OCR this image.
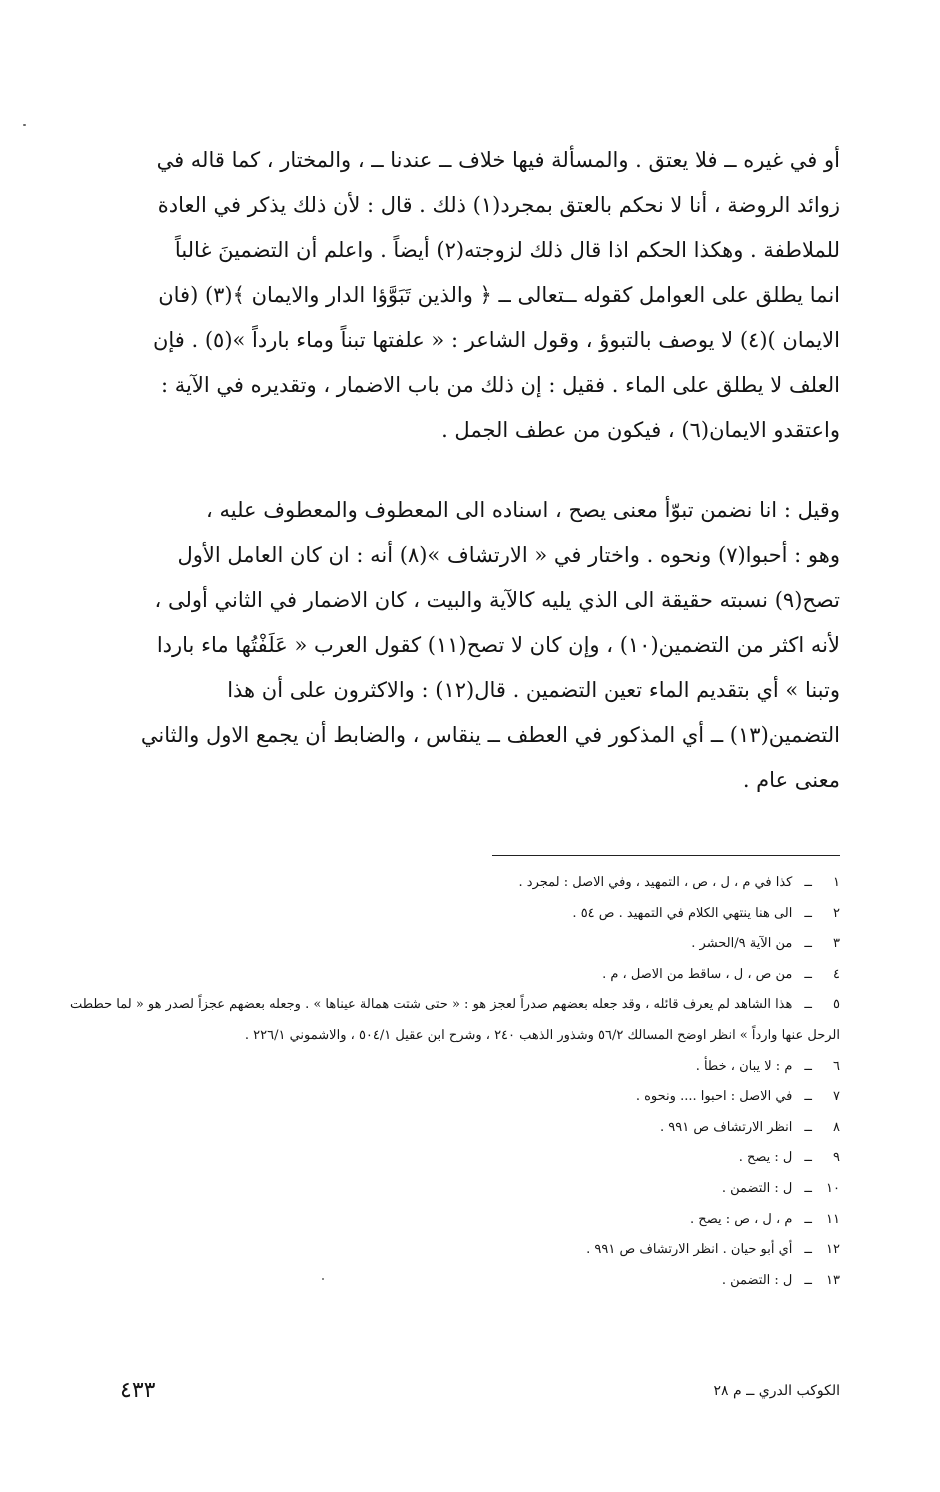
أو في غيره ــ فلا يعتق . والمسألة فيها خلاف ــ عندنا ــ ، والمختار ، كما قاله في
زوائد الروضة ، أنا لا نحكم بالعتق بمجرد(١) ذلك . قال : لأن ذلك يذكر في العادة
للملاطفة . وهكذا الحكم اذا قال ذلك لزوجته(٢) أيضاً . واعلم أن التضمينَ غالباً
انما يطلق على العوامل كقوله ــتعالى ــ ﴿ والذين تَبَوَّؤا الدار والايمان ﴾(٣) (فان
الايمان )(٤) لا يوصف بالتبوؤ ، وقول الشاعر : « علفتها تبناً وماء بارداً »(٥) . فإن
العلف لا يطلق على الماء . فقيل : إن ذلك من باب الاضمار ، وتقديره في الآية :
واعتقدو الايمان(٦) ، فيكون من عطف الجمل .
وقيل : انا نضمن تبوّأ معنى يصح ، اسناده الى المعطوف والمعطوف عليه ،
وهو : أحبوا(٧) ونحوه . واختار في « الارتشاف »(٨) أنه : ان كان العامل الأول
تصح(٩) نسبته حقيقة الى الذي يليه كالآية والبيت ، كان الاضمار في الثاني أولى ،
لأنه اكثر من التضمين(١٠) ، وإن كان لا تصح(١١) كقول العرب « عَلَفْتُها ماء باردا
وتبنا » أي بتقديم الماء تعين التضمين . قال(١٢) : والاكثرون على أن هذا
التضمين(١٣) ــ أي المذكور في العطف ــ ينقاس ، والضابط أن يجمع الاول والثاني
معنى عام .
١ــكذا في م ، ل ، ص ، التمهيد ، وفي الاصل : لمجرد .
٢ــالى هنا ينتهي الكلام في التمهيد . ص ٥٤ .
٣ــمن الآية ٩/الحشر .
٤ــمن ص ، ل ، ساقط من الاصل ، م .
٥ــهذا الشاهد لم يعرف قائله ، وقد جعله بعضهم صدراً لعجز هو : « حتى شتت همالة عيناها » . وجعله بعضهم عجزاً لصدر هو « لما حططت الرحل عنها وارداً » انظر اوضح المسالك ٥٦/٢ وشذور الذهب ٢٤٠ ، وشرح ابن عقيل ٥٠٤/١ ، والاشموني ٢٢٦/١ .
٦ــم : لا يبان ، خطأ .
٧ــفي الاصل : احبوا .... ونحوه .
٨ــانظر الارتشاف ص ٩٩١ .
٩ــل : يصح .
١٠ــل : التضمن .
١١ــم ، ل ، ص : يصح .
١٢ــأي أبو حيان . انظر الارتشاف ص ٩٩١ .
١٣ــل : التضمن .
٤٣٣	الكوكب الدري ــ م ٢٨
